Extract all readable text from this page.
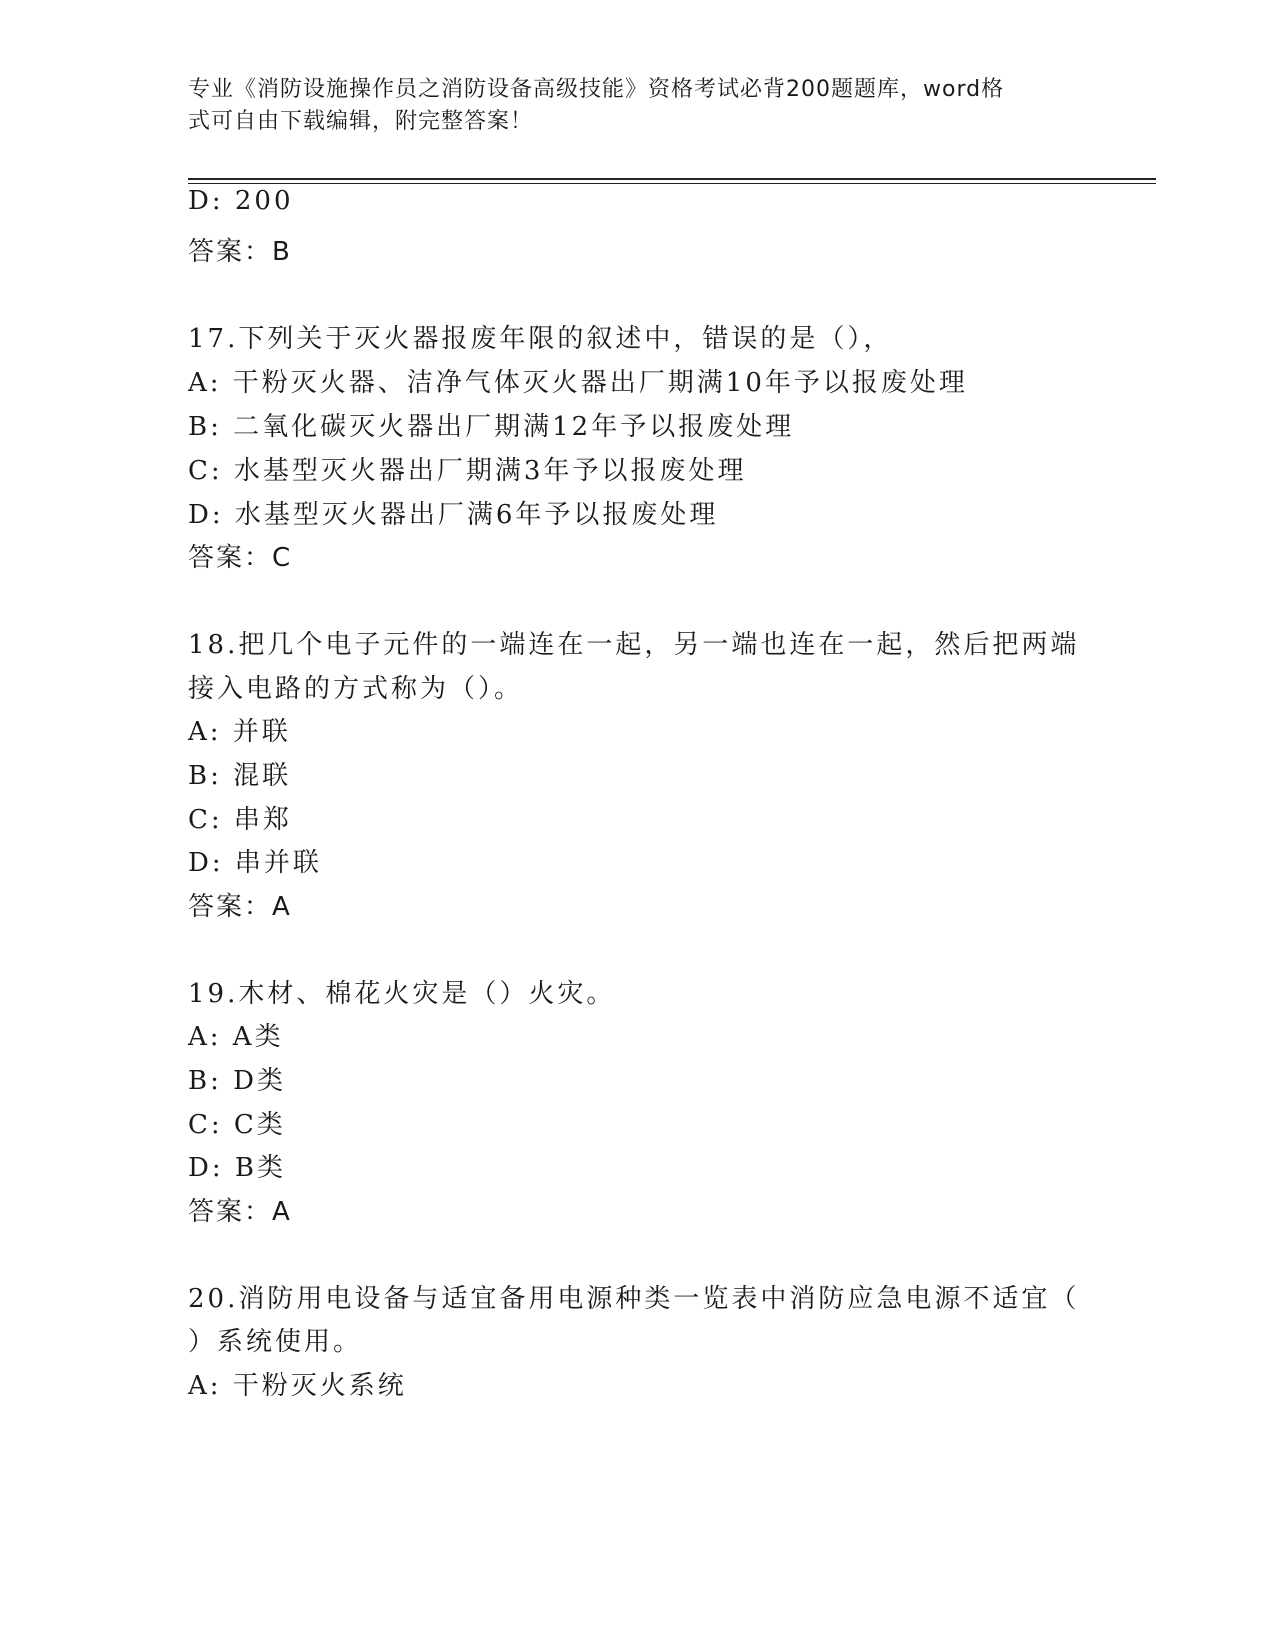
专业《消防设施操作员之消防设备高级技能》资格考试必背200题题库，word格
式可自由下载编辑，附完整答案！
D: 200
答案：B
17.下列关于灭火器报废年限的叙述中，错误的是（），
A: 干粉灭火器、洁净气体灭火器出厂期满10年予以报废处理
B: 二氧化碳灭火器出厂期满12年予以报废处理
C: 水基型灭火器出厂期满3年予以报废处理
D: 水基型灭火器出厂满6年予以报废处理
答案：C
18.把几个电子元件的一端连在一起，另一端也连在一起，然后把两端
接入电路的方式称为（）。
A: 并联
B: 混联
C: 串郑
D: 串并联
答案：A
19.木材、棉花火灾是（）火灾。
A: A类
B: D类
C: C类
D: B类
答案：A
20.消防用电设备与适宜备用电源种类一览表中消防应急电源不适宜（
）系统使用。
A: 干粉灭火系统
